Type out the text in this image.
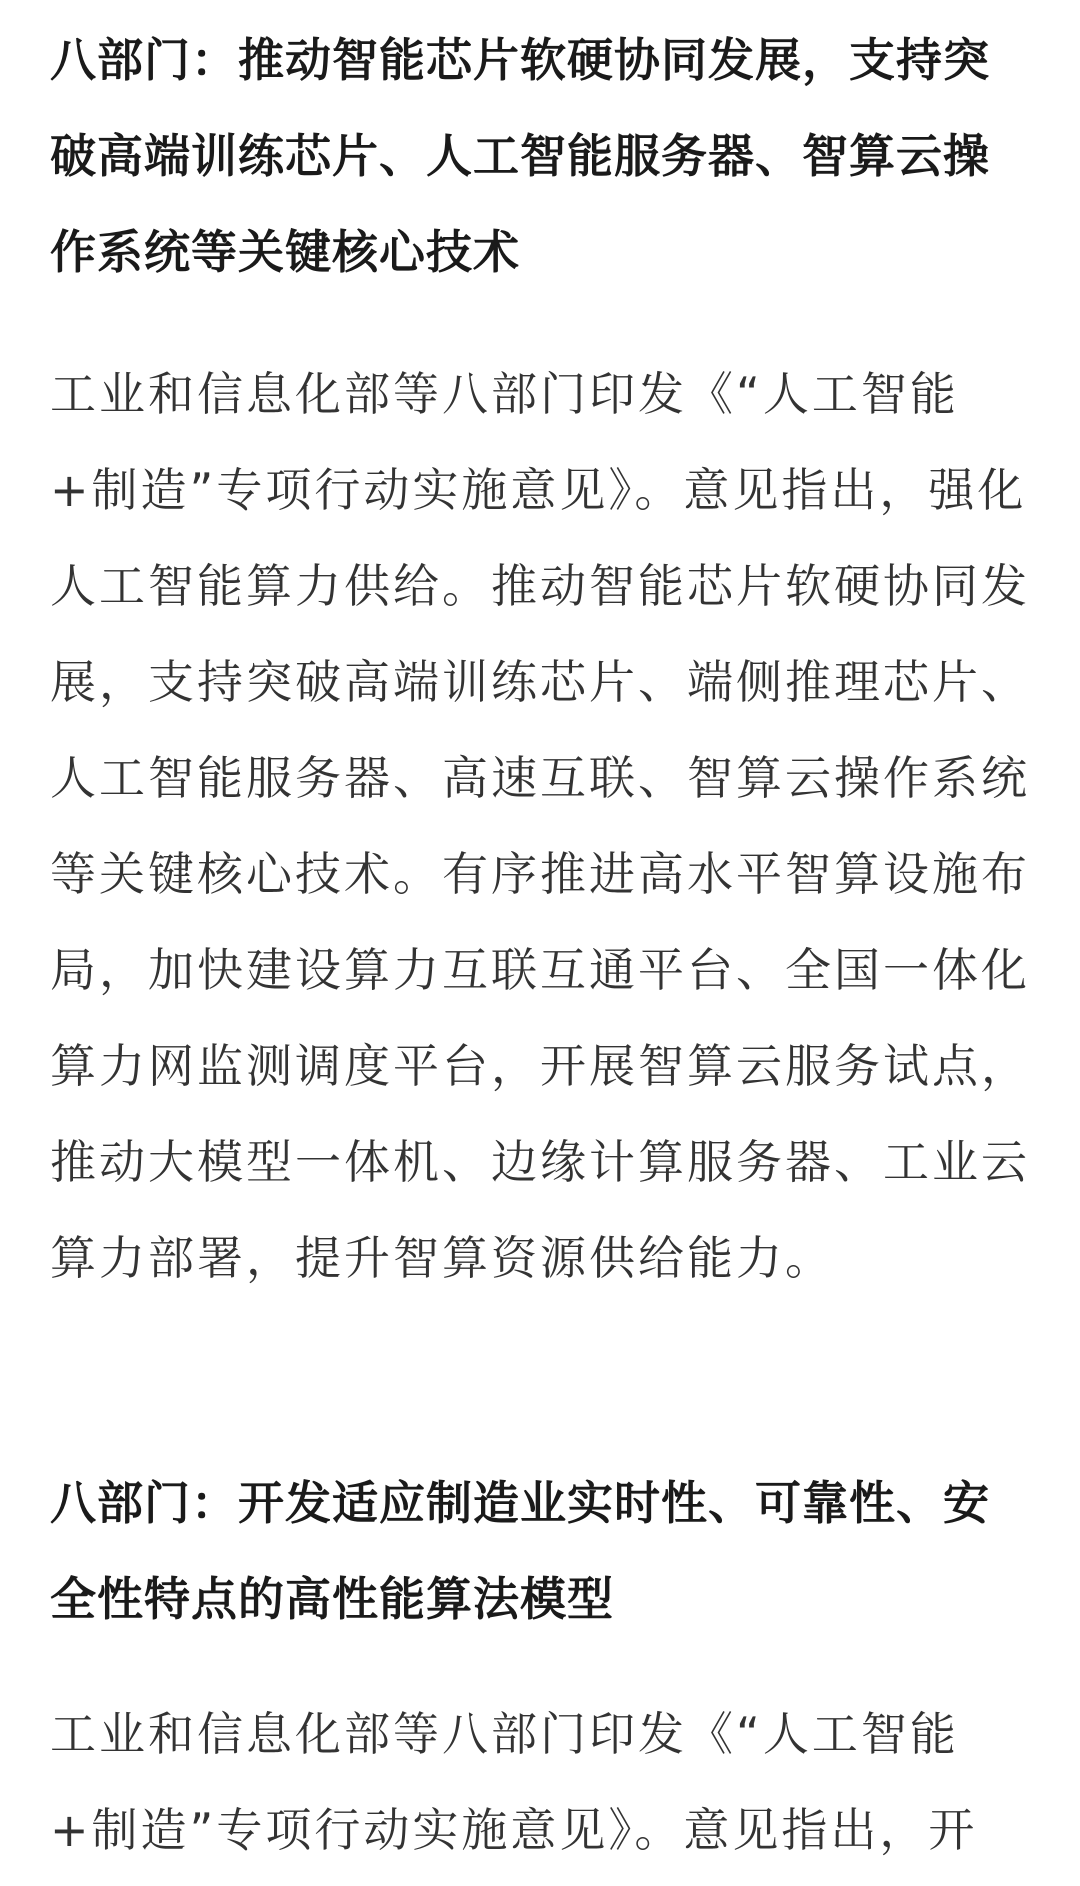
八部门：推动智能芯片软硬协同发展，支持突破高端训练芯片、人工智能服务器、智算云操作系统等关键核心技术

工业和信息化部等八部门印发《“人工智能+制造”专项行动实施意见》。意见指出，强化人工智能算力供给。推动智能芯片软硬协同发展，支持突破高端训练芯片、端侧推理芯片、人工智能服务器、高速互联、智算云操作系统等关键核心技术。有序推进高水平智算设施布局，加快建设算力互联互通平台、全国一体化算力网监测调度平台，开展智算云服务试点，推动大模型一体机、边缘计算服务器、工业云算力部署，提升智算资源供给能力。

八部门：开发适应制造业实时性、可靠性、安全性特点的高性能算法模型

工业和信息化部等八部门印发《“人工智能+制造”专项行动实施意见》。意见指出，开
